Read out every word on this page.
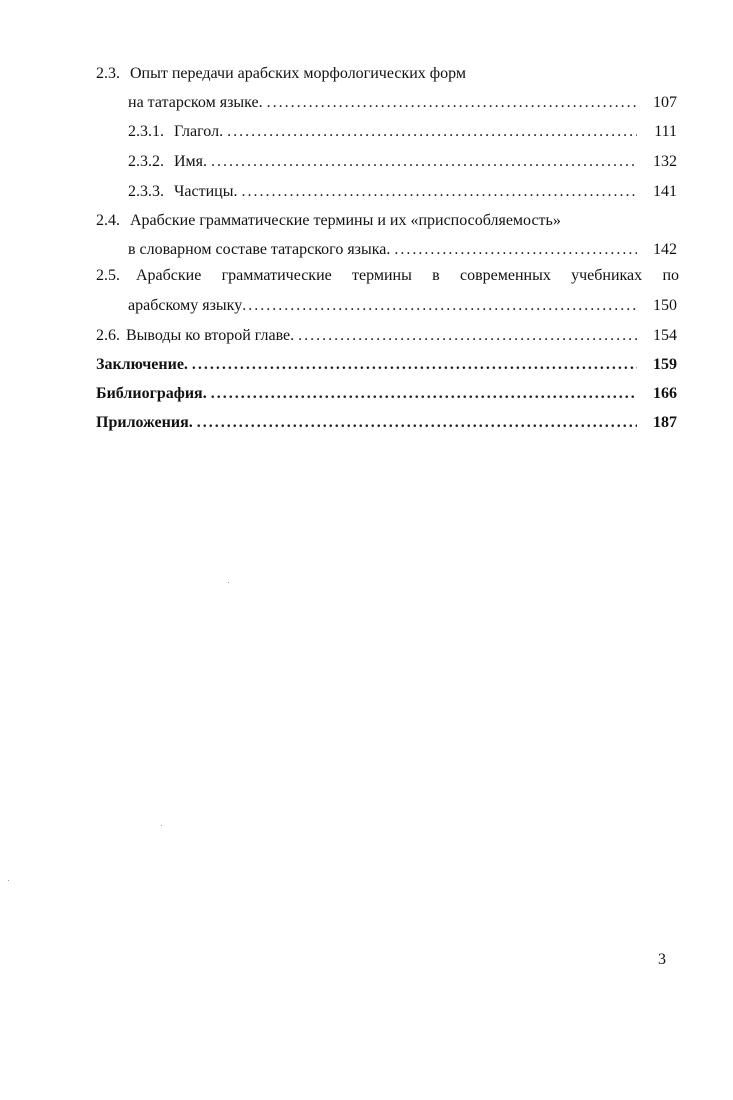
2.3. Опыт передачи арабских морфологических форм
на татарском языке. . . .	107
2.3.1. Глагол. . . .	111
2.3.2. Имя. . . .	132
2.3.3. Частицы. . . .	141
2.4. Арабские грамматические термины и их «приспособляемость»
в словарном составе татарского языка. . . .	142
2.5. Арабские грамматические термины в современных учебниках по
арабскому языку . . .	150
2.6. Выводы ко второй главе. . . .	154
Заключение. . . .	159
Библиография. . . .	166
Приложения. . . .	187
3
